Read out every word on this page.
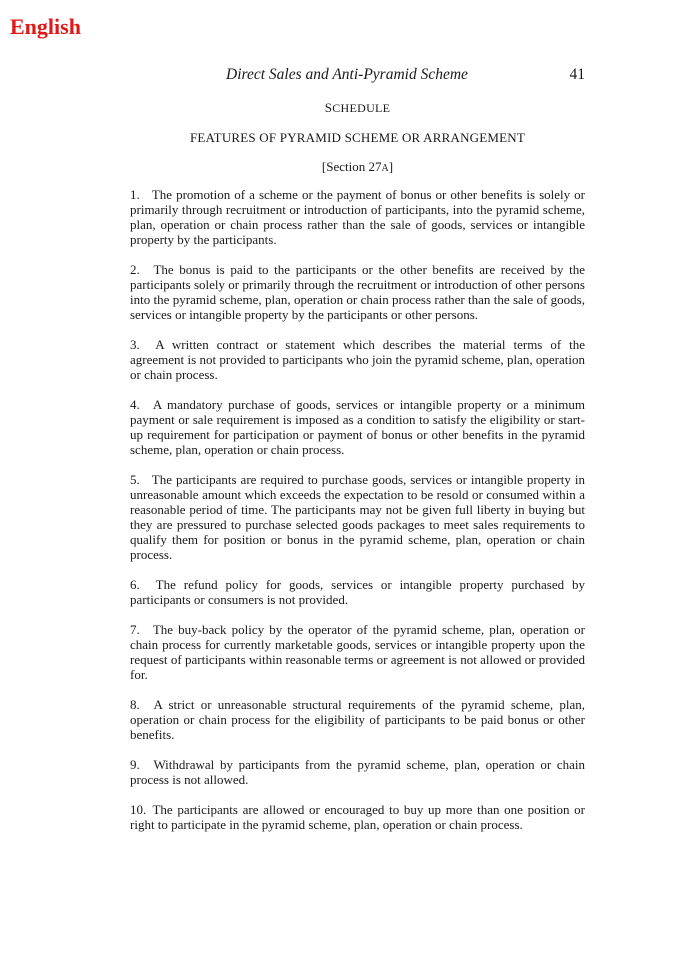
English
Direct Sales and Anti-Pyramid Scheme	41
SCHEDULE
FEATURES OF PYRAMID SCHEME OR ARRANGEMENT
[Section 27A]

1. The promotion of a scheme or the payment of bonus or other benefits is solely or primarily through recruitment or introduction of participants, into the pyramid scheme, plan, operation or chain process rather than the sale of goods, services or intangible property by the participants.

2. The bonus is paid to the participants or the other benefits are received by the participants solely or primarily through the recruitment or introduction of other persons into the pyramid scheme, plan, operation or chain process rather than the sale of goods, services or intangible property by the participants or other persons.

3. A written contract or statement which describes the material terms of the agreement is not provided to participants who join the pyramid scheme, plan, operation or chain process.

4. A mandatory purchase of goods, services or intangible property or a minimum payment or sale requirement is imposed as a condition to satisfy the eligibility or start-up requirement for participation or payment of bonus or other benefits in the pyramid scheme, plan, operation or chain process.

5. The participants are required to purchase goods, services or intangible property in unreasonable amount which exceeds the expectation to be resold or consumed within a reasonable period of time. The participants may not be given full liberty in buying but they are pressured to purchase selected goods packages to meet sales requirements to qualify them for position or bonus in the pyramid scheme, plan, operation or chain process.

6. The refund policy for goods, services or intangible property purchased by participants or consumers is not provided.

7. The buy-back policy by the operator of the pyramid scheme, plan, operation or chain process for currently marketable goods, services or intangible property upon the request of participants within reasonable terms or agreement is not allowed or provided for.

8. A strict or unreasonable structural requirements of the pyramid scheme, plan, operation or chain process for the eligibility of participants to be paid bonus or other benefits.

9. Withdrawal by participants from the pyramid scheme, plan, operation or chain process is not allowed.

10. The participants are allowed or encouraged to buy up more than one position or right to participate in the pyramid scheme, plan, operation or chain process.
